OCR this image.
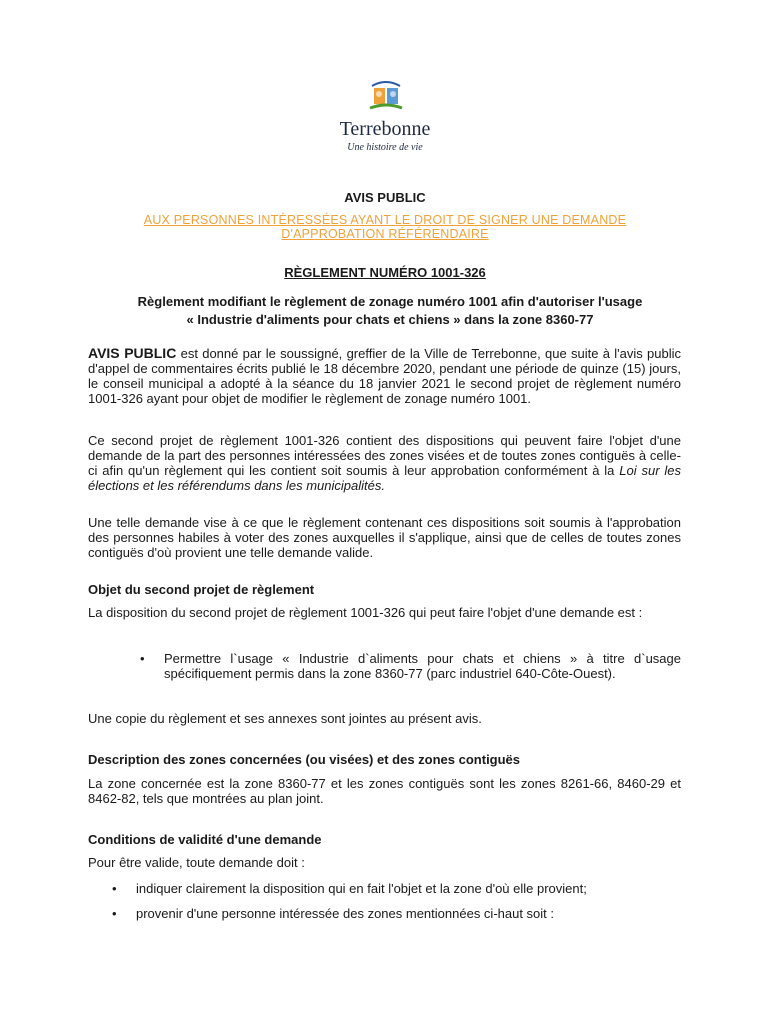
Terrebonne
Une histoire de vie
AVIS PUBLIC
AUX PERSONNES INTÉRESSÉES AYANT LE DROIT DE SIGNER UNE DEMANDE
D'APPROBATION RÉFÉRENDAIRE
RÈGLEMENT NUMÉRO 1001-326
Règlement modifiant le règlement de zonage numéro 1001 afin d'autoriser l'usage
« Industrie d'aliments pour chats et chiens » dans la zone 8360-77
AVIS PUBLIC est donné par le soussigné, greffier de la Ville de Terrebonne, que suite à l'avis public d'appel de commentaires écrits publié le 18 décembre 2020, pendant une période de quinze (15) jours, le conseil municipal a adopté à la séance du 18 janvier 2021 le second projet de règlement numéro 1001-326 ayant pour objet de modifier le règlement de zonage numéro 1001.
Ce second projet de règlement 1001-326 contient des dispositions qui peuvent faire l'objet d'une demande de la part des personnes intéressées des zones visées et de toutes zones contiguës à celle-ci afin qu'un règlement qui les contient soit soumis à leur approbation conformément à la Loi sur les élections et les référendums dans les municipalités.
Une telle demande vise à ce que le règlement contenant ces dispositions soit soumis à l'approbation des personnes habiles à voter des zones auxquelles il s'applique, ainsi que de celles de toutes zones contiguës d'où provient une telle demande valide.
Objet du second projet de règlement
La disposition du second projet de règlement 1001-326 qui peut faire l'objet d'une demande est :
• Permettre l`usage « Industrie d`aliments pour chats et chiens » à titre d`usage spécifiquement permis dans la zone 8360-77 (parc industriel 640-Côte-Ouest).
Une copie du règlement et ses annexes sont jointes au présent avis.
Description des zones concernées (ou visées) et des zones contiguës
La zone concernée est la zone 8360-77 et les zones contiguës sont les zones 8261-66, 8460-29 et 8462-82, tels que montrées au plan joint.
Conditions de validité d'une demande
Pour être valide, toute demande doit :
• indiquer clairement la disposition qui en fait l'objet et la zone d'où elle provient;
• provenir d'une personne intéressée des zones mentionnées ci-haut soit :
